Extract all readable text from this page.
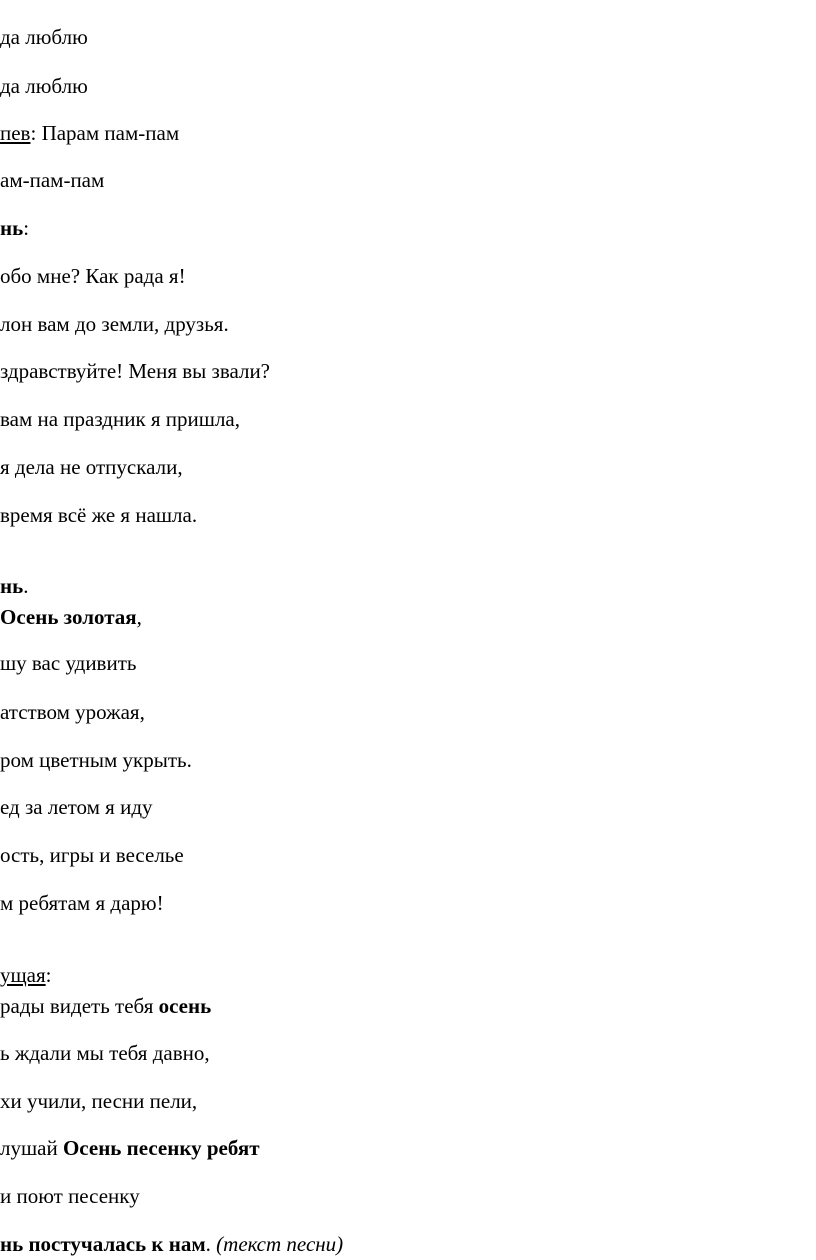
да люблю
да люблю
пев: Парам пам-пам
ам-пам-пам
нь:
обо мне? Как рада я!
лон вам до земли, друзья.
здравствуйте! Меня вы звали?
вам на праздник я пришла,
я дела не отпускали,
время всё же я нашла.
нь.
Осень золотая,
шу вас удивить
атством урожая,
ром цветным укрыть.
ед за летом я иду
ость, игры и веселье
м ребятам я дарю!
ущая:
рады видеть тебя осень
ь ждали мы тебя давно,
хи учили, песни пели,
лушай Осень песенку ребят
и поют песенку
нь постучалась к нам. (текст песни)
